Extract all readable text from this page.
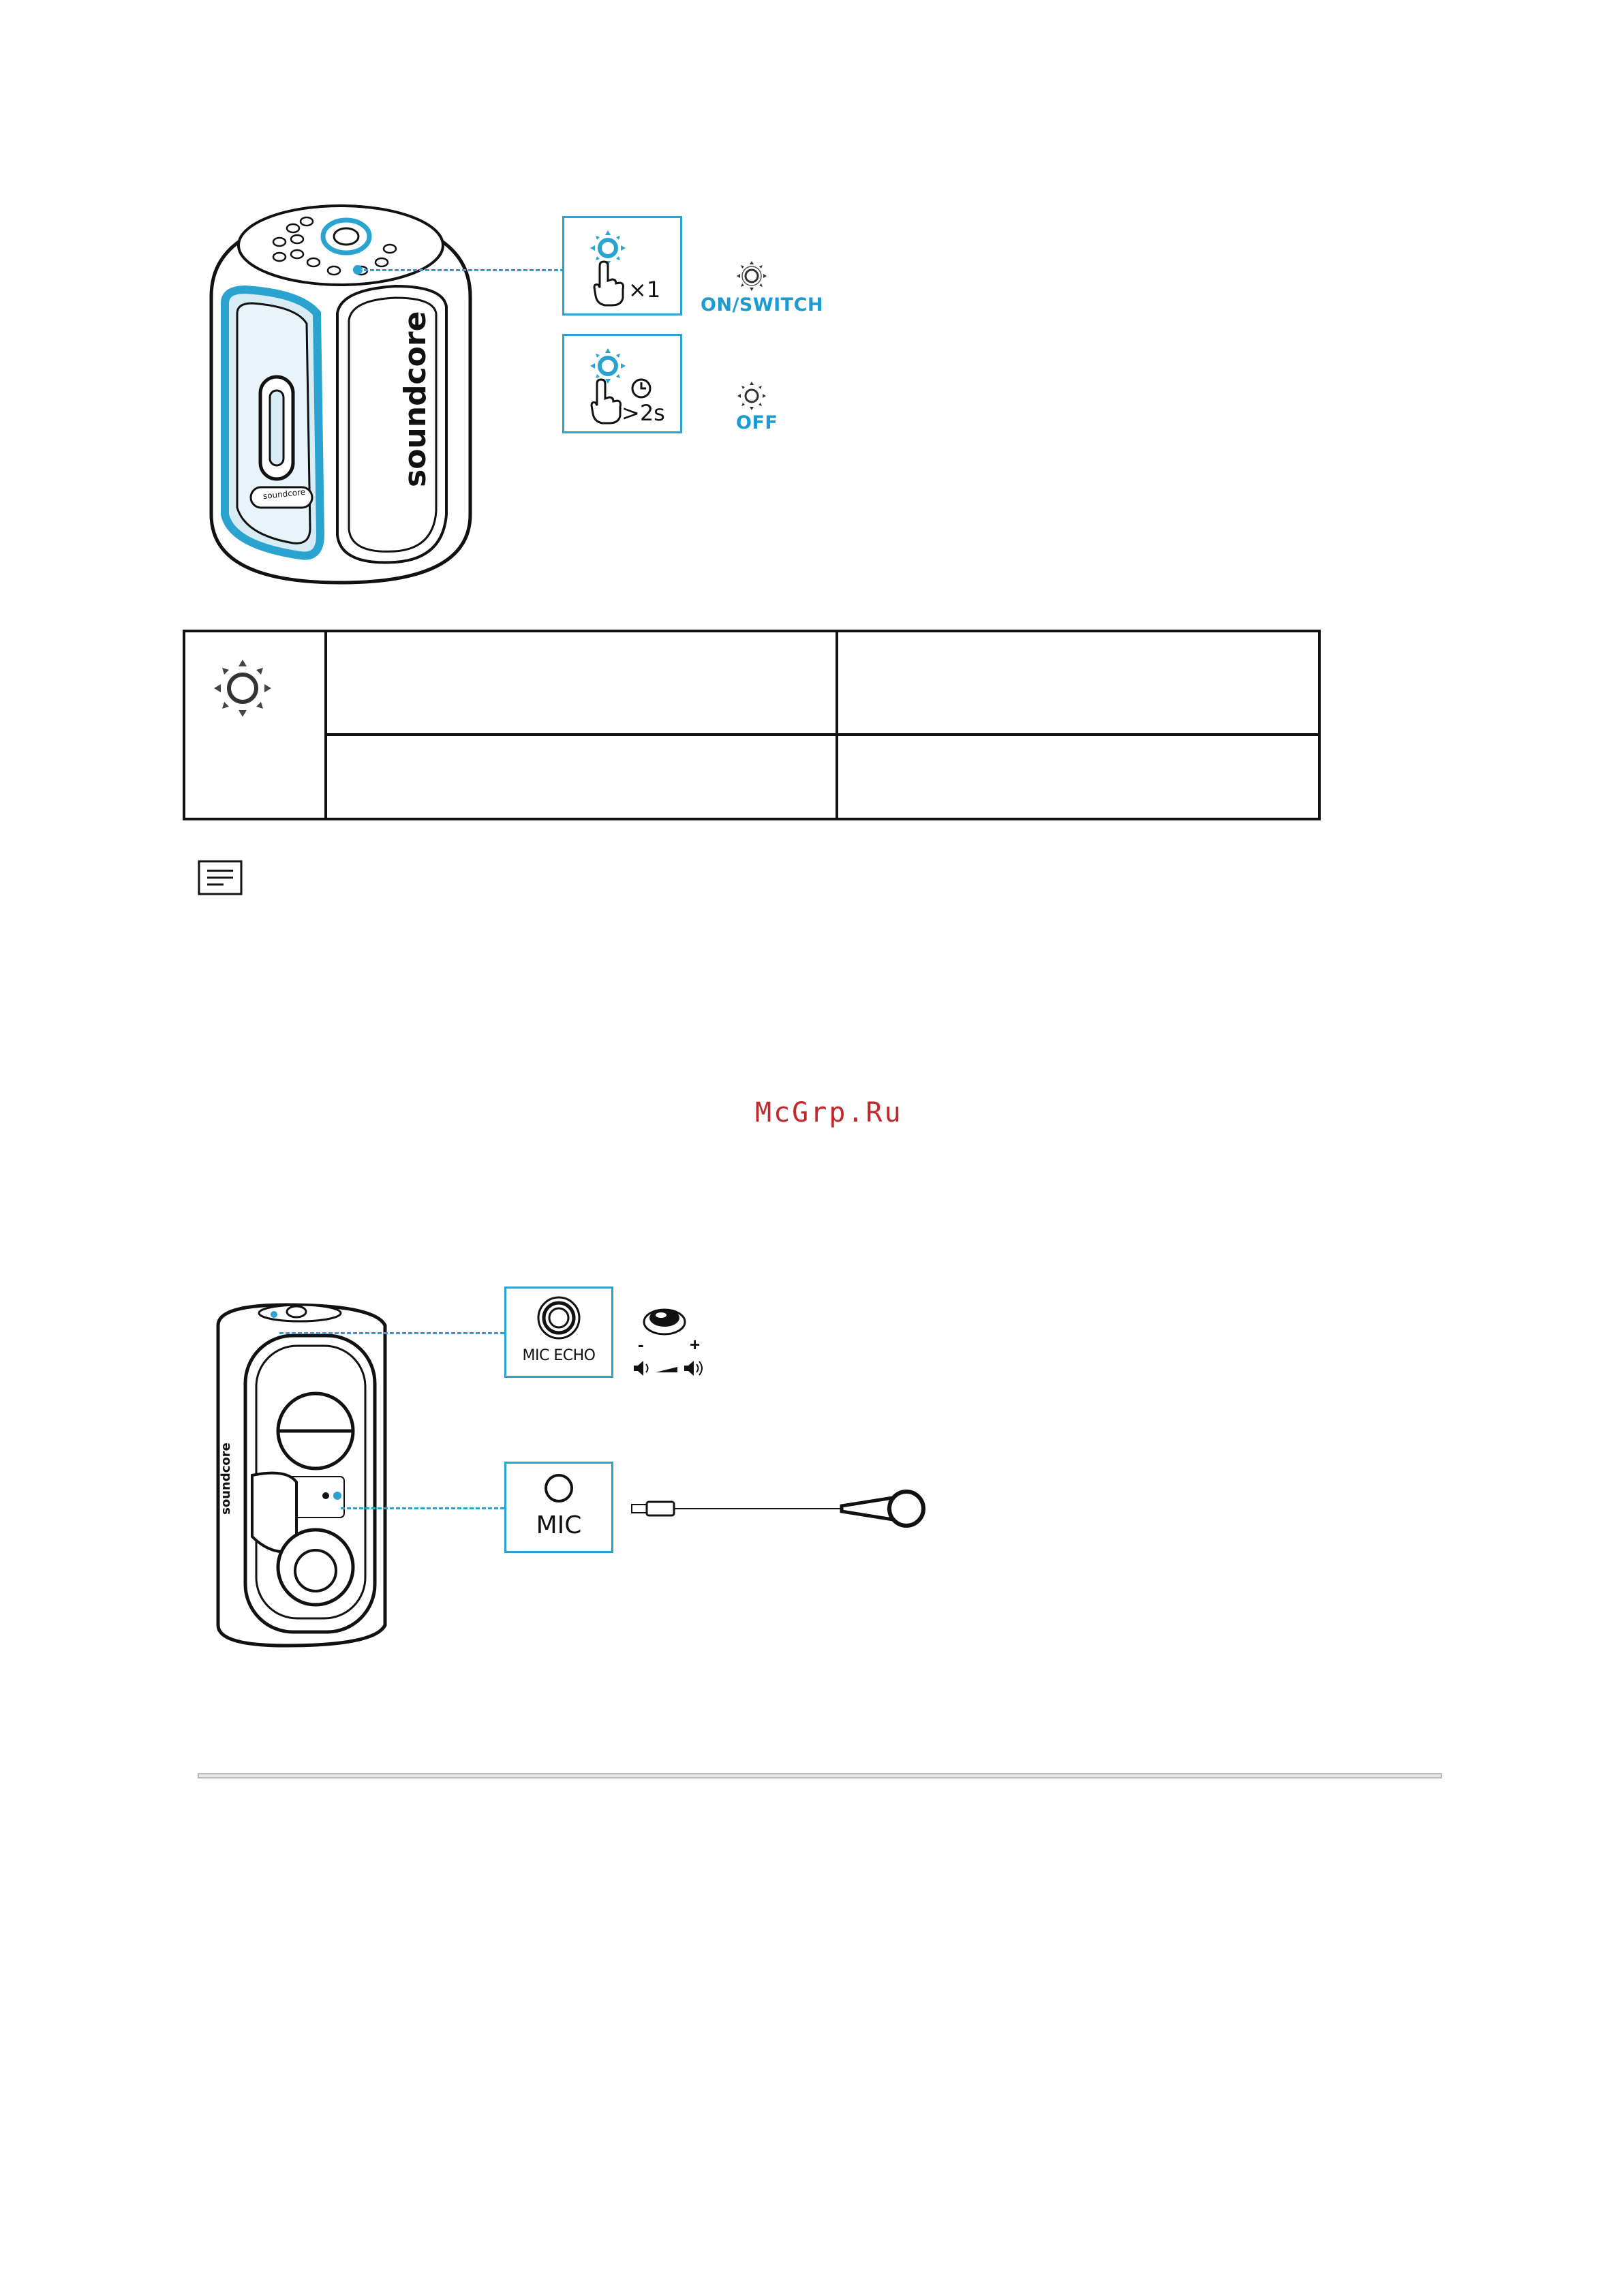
soundcore
soundcore
×1
>2s
ON/SWITCH
OFF
McGrp.Ru
soundcore
MIC ECHO
-	+
MIC
